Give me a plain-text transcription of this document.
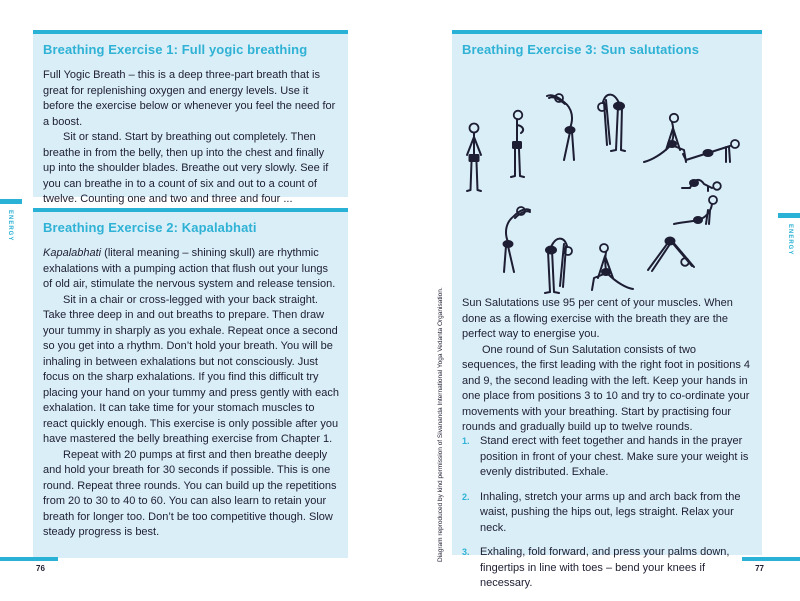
ENERGY
Breathing Exercise 1: Full yogic breathing

Full Yogic Breath – this is a deep three-part breath that is great for replenishing oxygen and energy levels. Use it before the exercise below or whenever you feel the need for a boost.

Sit or stand. Start by breathing out completely. Then breathe in from the belly, then up into the chest and finally up into the shoulder blades. Breathe out very slowly. See if you can breathe in to a count of six and out to a count of twelve. Counting one and two and three and four ...

Breathing Exercise 2: Kapalabhati

Kapalabhati (literal meaning – shining skull) are rhythmic exhalations with a pumping action that flush out your lungs of old air, stimulate the nervous system and release tension.

Sit in a chair or cross-legged with your back straight. Take three deep in and out breaths to prepare. Then draw your tummy in sharply as you exhale. Repeat once a second so you get into a rhythm. Don’t hold your breath. You will be inhaling in between exhalations but not consciously. Just focus on the sharp exhalations. If you find this difficult try placing your hand on your tummy and press gently with each exhalation. It can take time for your stomach muscles to react quickly enough. This exercise is only possible after you have mastered the belly breathing exercise from Chapter 1.

Repeat with 20 pumps at first and then breathe deeply and hold your breath for 30 seconds if possible. This is one round. Repeat three rounds. You can build up the repetitions from 20 to 30 to 40 to 60. You can also learn to retain your breath for longer too. Don’t be too competitive though. Slow steady progress is best.

76
Diagram reproduced by kind permission of Sivananda International Yoga Vedanta Organisation.
Breathing Exercise 3: Sun salutations

Sun Salutations use 95 per cent of your muscles. When done as a flowing exercise with the breath they are the perfect way to energise you.

One round of Sun Salutation consists of two sequences, the first leading with the right foot in positions 4 and 9, the second leading with the left. Keep your hands in one place from positions 3 to 10 and try to co-ordinate your movements with your breathing. Start by practising four rounds and gradually build up to twelve rounds.

1. Stand erect with feet together and hands in the prayer position in front of your chest. Make sure your weight is evenly distributed. Exhale.
2. Inhaling, stretch your arms up and arch back from the waist, pushing the hips out, legs straight. Relax your neck.
3. Exhaling, fold forward, and press your palms down, fingertips in line with toes – bend your knees if necessary.
ENERGY
77
